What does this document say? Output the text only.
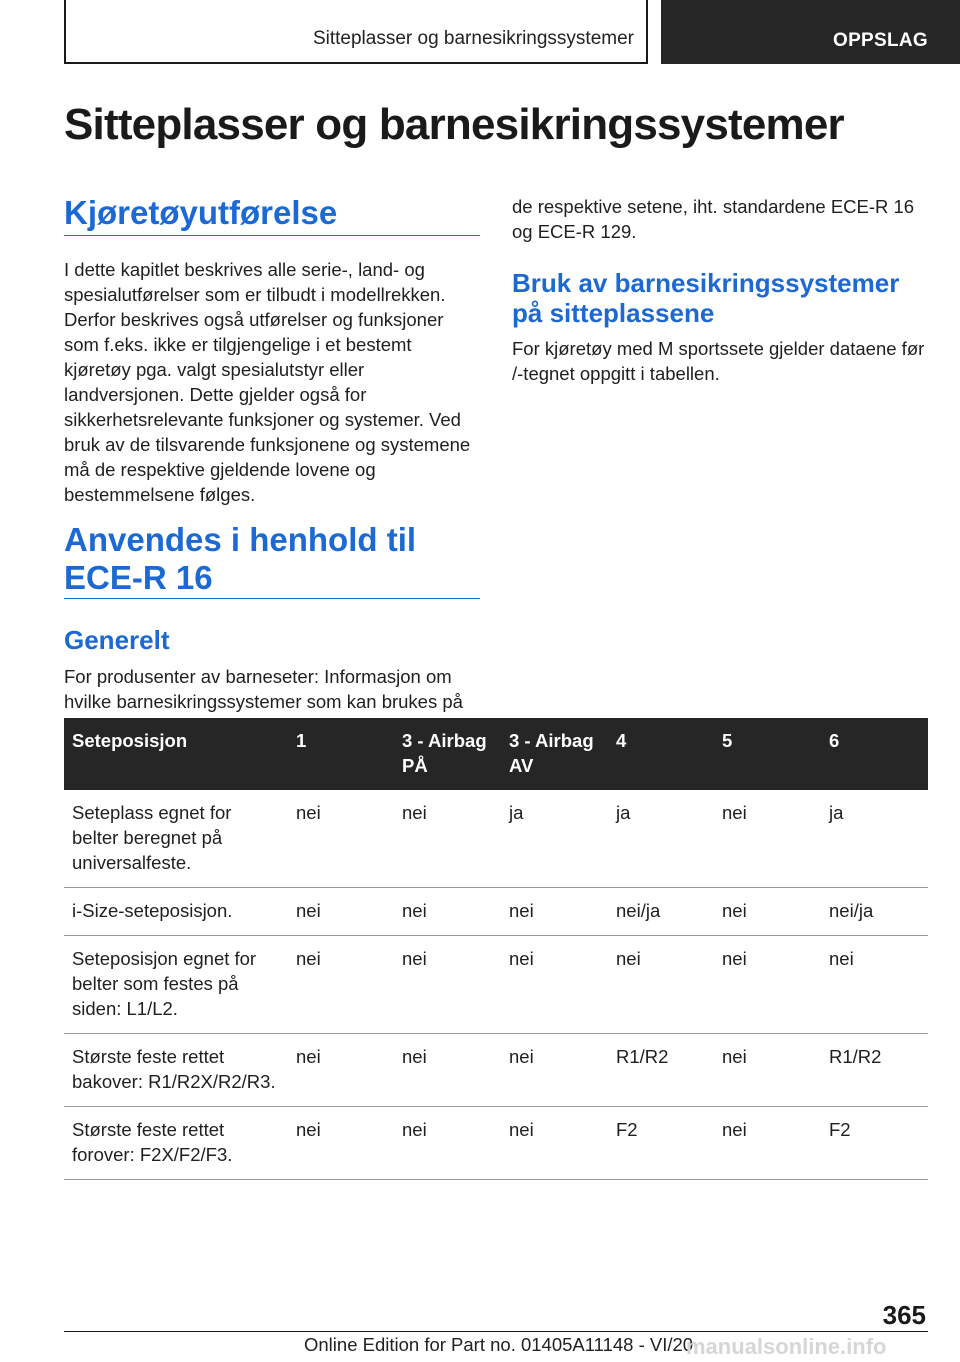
Sitteplasser og barnesikringssystemer	OPPSLAG
Sitteplasser og barnesikringssystemer
Kjøretøyutførelse

I dette kapitlet beskrives alle serie-, land- og spesialutførelser som er tilbudt i modellrekken. Derfor beskrives også utførelser og funksjoner som f.eks. ikke er tilgjengelige i et bestemt kjøretøy pga. valgt spesialutstyr eller landversjonen. Dette gjelder også for sikkerhetsrelevante funksjoner og systemer. Ved bruk av de tilsvarende funksjonene og systemene må de respektive gjeldende lovene og bestemmelsene følges.

Anvendes i henhold til
ECE-R 16
Generelt

For produsenter av barneseter: Informasjon om hvilke barnesikringssystemer som kan brukes på

de respektive setene, iht. standardene ECE-R 16 og ECE-R 129.

Bruk av barnesikringssystemer på sitteplassene

For kjøretøy med M sportssete gjelder dataene før /-tegnet oppgitt i tabellen.

Seteposisjon	1	3 - Airbag PÅ	3 - Airbag AV	4	5	6
Seteplass egnet for belter beregnet på universalfeste.	nei	nei	ja	ja	nei	ja
i-Size-seteposisjon.	nei	nei	nei	nei/ja	nei	nei/ja
Seteposisjon egnet for belter som festes på siden: L1/L2.	nei	nei	nei	nei	nei	nei
Største feste rettet bakover: R1/R2X/R2/R3.	nei	nei	nei	R1/R2	nei	R1/R2
Største feste rettet forover: F2X/F2/F3.	nei	nei	nei	F2	nei	F2
365
Online Edition for Part no. 01405A11148 - VI/20
manualsonline.info
